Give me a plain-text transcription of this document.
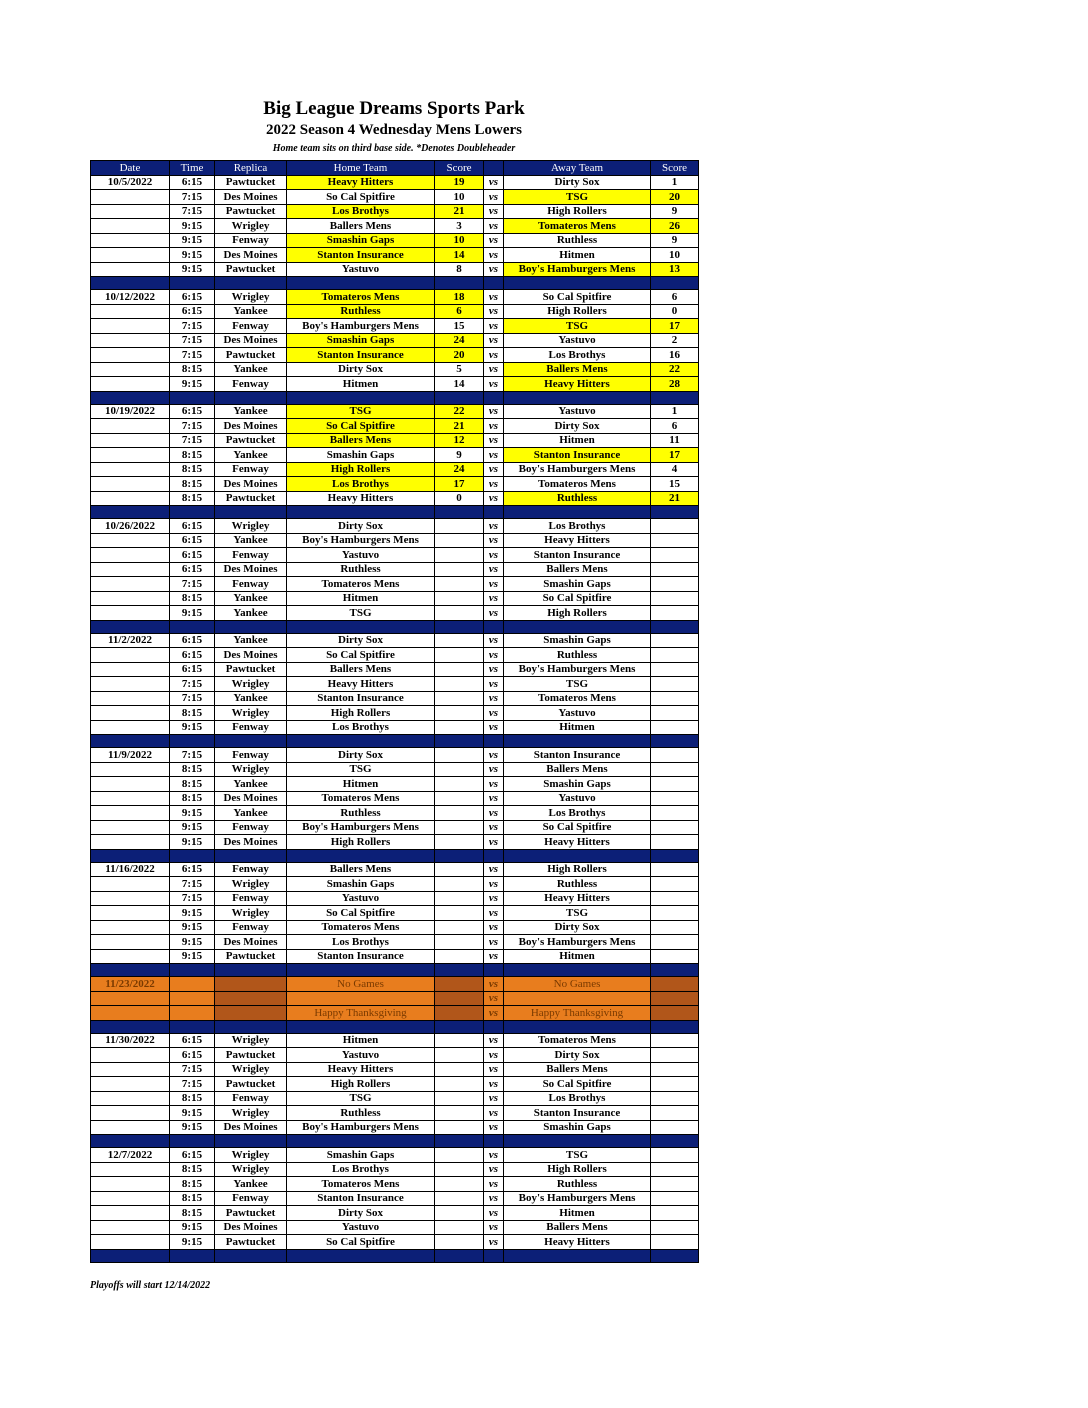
Big League Dreams Sports Park
2022 Season 4 Wednesday Mens Lowers
Home team sits on third base side. *Denotes Doubleheader
Date	Time	Replica	Home Team	Score		Away Team	Score
10/5/2022	6:15	Pawtucket	Heavy Hitters	19	vs	Dirty Sox	1
	7:15	Des Moines	So Cal Spitfire	10	vs	TSG	20
	7:15	Pawtucket	Los Brothys	21	vs	High Rollers	9
	9:15	Wrigley	Ballers Mens	3	vs	Tomateros Mens	26
	9:15	Fenway	Smashin Gaps	10	vs	Ruthless	9
	9:15	Des Moines	Stanton Insurance	14	vs	Hitmen	10
	9:15	Pawtucket	Yastuvo	8	vs	Boy's Hamburgers Mens	13

10/12/2022	6:15	Wrigley	Tomateros Mens	18	vs	So Cal Spitfire	6
	6:15	Yankee	Ruthless	6	vs	High Rollers	0
	7:15	Fenway	Boy's Hamburgers Mens	15	vs	TSG	17
	7:15	Des Moines	Smashin Gaps	24	vs	Yastuvo	2
	7:15	Pawtucket	Stanton Insurance	20	vs	Los Brothys	16
	8:15	Yankee	Dirty Sox	5	vs	Ballers Mens	22
	9:15	Fenway	Hitmen	14	vs	Heavy Hitters	28

10/19/2022	6:15	Yankee	TSG	22	vs	Yastuvo	1
	7:15	Des Moines	So Cal Spitfire	21	vs	Dirty Sox	6
	7:15	Pawtucket	Ballers Mens	12	vs	Hitmen	11
	8:15	Yankee	Smashin Gaps	9	vs	Stanton Insurance	17
	8:15	Fenway	High Rollers	24	vs	Boy's Hamburgers Mens	4
	8:15	Des Moines	Los Brothys	17	vs	Tomateros Mens	15
	8:15	Pawtucket	Heavy Hitters	0	vs	Ruthless	21

10/26/2022	6:15	Wrigley	Dirty Sox		vs	Los Brothys	
	6:15	Yankee	Boy's Hamburgers Mens		vs	Heavy Hitters	
	6:15	Fenway	Yastuvo		vs	Stanton Insurance	
	6:15	Des Moines	Ruthless		vs	Ballers Mens	
	7:15	Fenway	Tomateros Mens		vs	Smashin Gaps	
	8:15	Yankee	Hitmen		vs	So Cal Spitfire	
	9:15	Yankee	TSG		vs	High Rollers	

11/2/2022	6:15	Yankee	Dirty Sox		vs	Smashin Gaps	
	6:15	Des Moines	So Cal Spitfire		vs	Ruthless	
	6:15	Pawtucket	Ballers Mens		vs	Boy's Hamburgers Mens	
	7:15	Wrigley	Heavy Hitters		vs	TSG	
	7:15	Yankee	Stanton Insurance		vs	Tomateros Mens	
	8:15	Wrigley	High Rollers		vs	Yastuvo	
	9:15	Fenway	Los Brothys		vs	Hitmen	

11/9/2022	7:15	Fenway	Dirty Sox		vs	Stanton Insurance	
	8:15	Wrigley	TSG		vs	Ballers Mens	
	8:15	Yankee	Hitmen		vs	Smashin Gaps	
	8:15	Des Moines	Tomateros Mens		vs	Yastuvo	
	9:15	Yankee	Ruthless		vs	Los Brothys	
	9:15	Fenway	Boy's Hamburgers Mens		vs	So Cal Spitfire	
	9:15	Des Moines	High Rollers		vs	Heavy Hitters	

11/16/2022	6:15	Fenway	Ballers Mens		vs	High Rollers	
	7:15	Wrigley	Smashin Gaps		vs	Ruthless	
	7:15	Fenway	Yastuvo		vs	Heavy Hitters	
	9:15	Wrigley	So Cal Spitfire		vs	TSG	
	9:15	Fenway	Tomateros Mens		vs	Dirty Sox	
	9:15	Des Moines	Los Brothys		vs	Boy's Hamburgers Mens	
	9:15	Pawtucket	Stanton Insurance		vs	Hitmen	

11/23/2022			No Games		vs	No Games	
					vs		
			Happy Thanksgiving		vs	Happy Thanksgiving	

11/30/2022	6:15	Wrigley	Hitmen		vs	Tomateros Mens	
	6:15	Pawtucket	Yastuvo		vs	Dirty Sox	
	7:15	Wrigley	Heavy Hitters		vs	Ballers Mens	
	7:15	Pawtucket	High Rollers		vs	So Cal Spitfire	
	8:15	Fenway	TSG		vs	Los Brothys	
	9:15	Wrigley	Ruthless		vs	Stanton Insurance	
	9:15	Des Moines	Boy's Hamburgers Mens		vs	Smashin Gaps	

12/7/2022	6:15	Wrigley	Smashin Gaps		vs	TSG	
	8:15	Wrigley	Los Brothys		vs	High Rollers	
	8:15	Yankee	Tomateros Mens		vs	Ruthless	
	8:15	Fenway	Stanton Insurance		vs	Boy's Hamburgers Mens	
	8:15	Pawtucket	Dirty Sox		vs	Hitmen	
	9:15	Des Moines	Yastuvo		vs	Ballers Mens	
	9:15	Pawtucket	So Cal Spitfire		vs	Heavy Hitters	

Playoffs will start 12/14/2022
